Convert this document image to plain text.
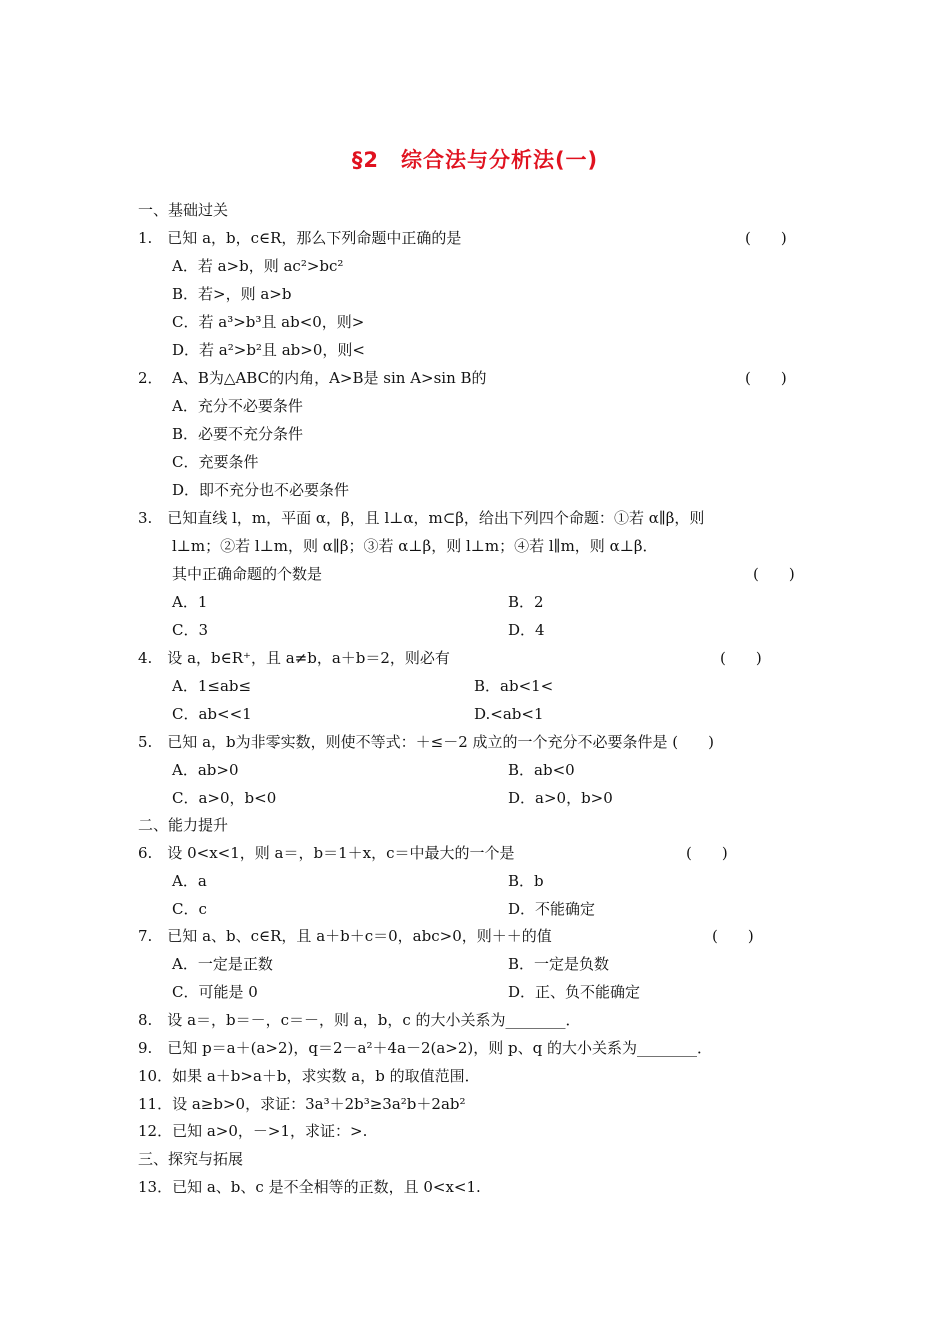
§2　综合法与分析法(一)
一、基础过关
1.　已知 a，b，c∈R，那么下列命题中正确的是	(　　)
A．若 a>b，则 ac²>bc²
B．若>，则 a>b
C．若 a³>b³且 ab<0，则>
D．若 a²>b²且 ab>0，则<
2．  A、B为△ABC的内角，A>B是 sin A>sin B的	(　　)
A．充分不必要条件
B．必要不充分条件
C．充要条件
D．即不充分也不必要条件
3.　已知直线 l，m，平面 α，β，且 l⊥α，m⊂β，给出下列四个命题：①若 α∥β，则
l⊥m；②若 l⊥m，则 α∥β；③若 α⊥β，则 l⊥m；④若 l∥m，则 α⊥β．
其中正确命题的个数是	(　　)
A．1	B．2
C．3	D．4
4.　设 a，b∈R⁺，且 a≠b，a＋b＝2，则必有	(　　)
A．1≤ab≤	B．ab<1<
C．ab<<1	D.<ab<1
5.　已知 a，b为非零实数，则使不等式：＋≤－2 成立的一个充分不必要条件是 (　　)
A．ab>0	B．ab<0
C．a>0，b<0	D．a>0，b>0
二、能力提升
6.　设 0<x<1，则 a＝，b＝1＋x，c＝中最大的一个是	(　　)
A．a	B．b
C．c	D．不能确定
7.　已知 a、b、c∈R，且 a＋b＋c＝0，abc>0，则＋＋的值	(　　)
A．一定是正数	B．一定是负数
C．可能是 0	D．正、负不能确定
8.　设 a＝，b＝－，c＝－，则 a，b，c 的大小关系为________．
9.　已知 p＝a＋(a>2)，q＝2－a²＋4a－2(a>2)，则 p、q 的大小关系为________．
10．如果 a＋b>a＋b，求实数 a，b 的取值范围．
11．设 a≥b>0，求证：3a³＋2b³≥3a²b＋2ab²
12．已知 a>0，－>1，求证：>.
三、探究与拓展
13．已知 a、b、c 是不全相等的正数，且 0<x<1.
